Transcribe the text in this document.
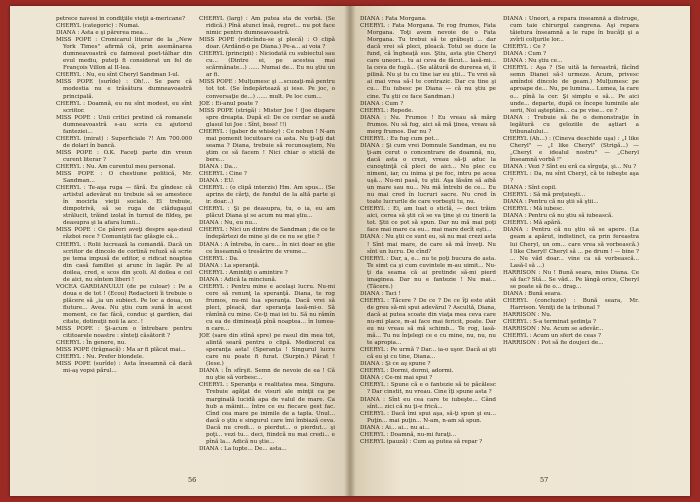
petrece navesi în condiţiile vieţii a-mericane?

CHERYL (categoric) : Numai.

DIANA : Asta e şi părerea mea...

MISS POPE : Cronicarul literar de la „New York Times" afirmă că, prin asemănarea dumneavoastră cu faimosul poet-tâlhar din evul mediu, puteţi fi considerat un fel de François Villon al II-lea.

CHERYL : Nu, eu sînt Cheryl Sandman I-ul.

MISS POPE (surîde) : Oh!... Se pare că modestia nu e trăsătura dumneavoastră principală.

CHERYL : Doamnă, eu nu sînt modest, eu sînt scriitor.

MISS POPE : Unii critici pretind că romanele dumneavoastră s-au scris cu ajutorul fanteziei...

CHERYL (mirat) : Superficiale ?! Am 700.000 de dolari în bancă.

MISS POPE : O.K. Faceţi parte din vreun curent literar ?

CHERYL : Nu. Am curentul meu personal.

MISS POPE : O chestiune politică, Mr. Sandman...

CHERYL : Te-aşa ruga — fără. Eu gîndesc că artistul adevărat nu trebuie să se amestece în mocirla vieţii sociale. El trebuie, dimpotrivă, să se ruga de clădugaşul strălucit, trăind izolat în turnul de fildeş, pe deasupra şi la afara lumii...

MISS POPE : Ce păreri aveţi despre aşa-zisul război rece ? Comuniştii fac glăsgie că...

CHERYL : Rolii lucrează la comandă. Dacă un scriitor de dincolo de cortină refuză să scrie pe tema impusă de editor, e ridicat noaptea din casă familiei şi arunc în lagăr. Pe al doilea, cred, e scos din şcoli. Al doilea e cel de aici, nu sîntem liberi !

VOCEA GARDIANULUI (de pe culoar) : Pe a doua e de tot ! (Ecou) Redactorii îi trebuie o plăcere să „ia un subiect. Pe loc a doua, un fluture... Avea. Nu ştiu cum sună în acest moment, ce fac fâcă, conduc şi gardien, dai citate, dotinuţii noii la acc. !

MISS POPE : Şi-acum o întrebare pentru cititoarele noastre : sînteţi căsătorit ?

CHERYL : În genere, nu.

MISS POPE (trăgnacă) : Ma ar fi plăcut mai...

CHERYL : Nu. Prefer blondele.

MISS POPE (surîde) : Asta înseamnă că dacă mi-aş vopsi părul...

CHERYL (larg) : Am putea sta de vorbă. (Se ridică.) Pînă atunci însă, regret... nu pot face nimic pentru dumneavoastră.

MISS POPE (ridicîndu-se şi plecă) : O clipă doar. (Ardând-o pe Diana.) Pe-a... ai voia ?

CHERYL (principii) : Niciodată cu subiectul sau cu... (Dintre ei, pe acestea mai scărmănate...) ...... Numai de... Eu nu ştiu un ar fi.

MISS POPE : Mulţumesc şi ...scuzaţi-mă pentru tot tot. (Se îndepărtează şi iese. Pe joc, o conversaţie de...) ...... mult. Pe loc cum...

JOE : Ei-anul poate ?

MISS POPE (strigă) : Mister Joe ! (Joe dispare spre dreapta. După el: De ce cerdar se audă glasul lui Joe : Sînt, boss! !!)

CHERYL : (gaber de whisky) : Ce nebun ! N-am mai pomenit locuitoare ca asta. Nu ţi-aţi dat seama ? Diana, trebuie să recunoaştem, Nu ştim ce să facem ! Nici chiar o sticlă de bere...

DIANA : Da...

CHERYL : Cine ?

DIANA : EU.

CHERYL : (o clipă interzis) Hm. Am spus... (Se aprins de cărţi, de fundul de la altă parte şi ir. doar...)

CHERYL : Şi pe deasupra, tu, o ia, eu am plăcut Diana şi se acum nu mai ştiu...

DIANA : Nu, eu nu...

CHERYL : Nici un dintre de Sandman ; de ce te îndepărtezi de mine şi de ce nu se ştie ?

DIANA : A întreba, în care... în nici doar se ştie ce înseamnă o tresărire de vreme...

CHERYL : Da.

DIANA : La speranţă.

CHERYL : Amintiţi o amintire ?

DIANA : Adică la minciună.

CHERYL : Pentru mine e acelaşi lucru. Nu-mi cere să renunţ la speranţă. Diana, te rog frumos, nu-mi lua speranţa. Dacă vrei să pleci, pleacă, dar speranţa lasă-mi-o. Să rămînă cu mine. Ce-ţi mai iei tu. Să nu rămîn cu ea de dimineaţă pînă noaptea... în lumea-n care...

JOE (sare din stînă spre) pe rasul din mea tot, alintă seară pentru o clipă. Mediocrul ca speranţa asta! (Speranţa ! Singurul lucru care nu poate fi furat. (Surpin.) Păcat ! (Iese.)

DIANA : În sfîrşit. Semn de nevoie de ea ! Că nu ştie să vorbesc...

CHERYL : Speranţa e realitatea mea. Singura. Trebuie agăţat de visuri ale minţii ca pe marginală lucidă apa de valul de mare. Ca hub a mâinii... între ce eu fiecare gest fac. Cînd cea mare pe inimile de a tapla. Unul... dacă o ştiu e singurul care îmi îmbiază ceva. Dacă nu credi... o pierdut... o pierdut... şi poţi... vezi tu... deci, fiindcă nu mai credi... e pînă la... Adică nu ştie...

DIANA : La lupte... De... asta...

56

DIANA : Fata Morgana.

CHERYL : Fata Morgana. Te rog frumos, Fata Morgana. Toţi avem nevoie de o Fata Morgana. Tu trebui să te grăbeşti ... dar dacă vrei să pleci, pleacă. Totul se duce la fund, că îngheaţă sus. Ştiu, asta ştie Cheryl care uneori... tu ai ceva de făcut... lasă-mi... la ceva de fugă... (Se alătură de durerea ei, îl pilină. Nu şi tu cu tine iar eu ştii... Tu vrei să ai mai vrea să-l te contrazic. Dar cu tine şi cu... Eu iubesc pe Diana — că nu ştiu pe cine. Tu ştii ce face Sandman.)

DIANA : Cum ?

CHERYL : Repede.

DIANA : Nu. Frumos ! Eu vreau să mărg frumos. Nu să fug, aici să mă ţinea, vreau să merg frumos. Dar nu ?

CHERYL : Eu fug cum pot...

DIANA : Şi cum vrei Domnule Sandman, eu nu ţi-am cerut o concentrare de doamnă, nu, dacă asta o crezi, vreau să-ţi aduc la cunoştinţă că pleci de aici... Nu plec cu nimeni, iar, cu inima şi pe foc, intru pe acea uşă... Nu-mi pasă, tu ştii. Aşa lăsăm să aibă un mare sau nu... Nu mă întrebi de ce... Eu nu mai cred în lucruri sacre. Nu cred în toate lucrurile de care vorbeşti tu, nu.

CHERYL : Ei, am luat o sticlă, — deci trăim aici, cerea să ştii că se va ţine şi cu tinerii la tot. Ştii ce pot să spun. Dar nu mă mai poţi face mai mare ca eu... mai mare decît eşti...

DIANA : Nu ştii ce sunt eu, să nu mai crezi asta ! Sînt mai mare, de care să mă înveţi. Nu sînt un lucru. De cînd?

CHERYL : Dar, a, e... nu te poţi bucura de asta. Te simt ca şi cum cuvintele m-au uimit... Nu-ţi da seama că ai pretinde să-mi pierd imaginea. Dar nu e fantezie ! Nu mai... (Tăcere.)

DIANA : Taci !

CHERYL : Tăcere ? De ce ? De ce îţi este atât de greu să-mi spui adevărul ? Ascultă, Diana, dacă ai putea scoate din viaţa mea ceva care nu-mi place, m-ai face mai fericit, poate. Dar eu nu vreau să mă schimb... Te rog, lasă-mă... Tu nu înţelegi ce e cu mine, nu, nu, nu te apropia...

CHERYL : Pe urmă ? Dar... ia-o uşor. Dacă ai şti că eu şi cu tine, Diana...

DIANA : Şi ce aş spune ?

CHERYL : Dormi, dormi, adormi.

DIANA : Ce-mi mai spui ?

CHERYL : Spune că e o fantezie să te păcălesc ? Dar cinstit, nu vreau. Cine îţi spune asta ?

DIANA : Sînt eu cea care te iubeşte... Când sînt... zici că nu ţi-e frică...

CHERYL : Dacă îmi spui aşa, să-ţi spun şi eu... Puţin... mai puţin... N-am, n-am să spun.

DIANA : Ai... ai... nu ai...

CHERYL : Doamnă, nu-mi furaţi...

CHERYL (pauză) : Cum aş putea să repar ?

DIANA : Uneori, a repara înseamnă a distruge, cum taie chirurgul cangrena. Aşi repara tăietura înseamnă a le rupe în bucăţi şi a zvîrli colţurile lor...

CHERYL : Ce ?

DIANA : Cum ?

DIANA : Nu ştiu ce...

CHERYL : Aşa ? (Se uită la fereastră, făcînd semn Dianei să-l urmeze. Acum, privesc amîndoi dincolo de geam.) Mulţumesc pe aproape de... Nu, pe lumina... Lumea, la care o... pînă la cer. Şi simplu e să... Pe aici unde... departe, după ce începe luminile ale serii, Noi aşteptăm... ca pe vise... ce ?

DIANA : Trebuie să fie o demonstraţie în legătură cu geloziile de aştiari a tribunalului...

CHERYL (Ah...) : (Cineva deschide uşa) : „I like Cheryl" — „I like Cheryl" (Strigă...) — „Cheryl e idealul nostru" — „Cheryl înseamnă vorbă !"

DIANA : Vezi ? Sînt eu eră ca sîrguţa, şi... Nu ?

CHERYL : Da, nu sînt Cheryl, că te iubeşte aşa ?

DIANA : Sînt copil.

CHERYL : Să mă preţuieşti...

DIANA : Pentru că nu ştii să ştii...

CHERYL : Mă iubesc.

DIANA : Pentru că nu ştiu să iubească.

CHERYL : Mă apără.

DIANA : Pentru că nu ştiu să se apere. (La geam a apărut, indistinct, ca prin fereastra lui Cheryl, un om... care vrea să vorbească.) I like Cheryl! Cheryl să ... pe drum ! — bine ? ... Nu văd doar... vine ca să vorbească... Lasă-l să ...)

HARRISON : Nu ! Bună seara, miss Diana. Ce să fac? Stă... Se văd... Pe lângă orice, Cheryl se poate să fie o... drag...

DIANA : Bună seara.

CHERYL (concluzie) : Bună seara, Mr. Harrison. Veniţi de la tribunal ?

HARRISON : Nu.

CHERYL : S-a terminat şedinţa ?

HARRISON : Nu. Acum se adevăr...

CHERYL : Acum un sfert de ceas ?

HARRISON : Pot să fie doujeci de...

57
